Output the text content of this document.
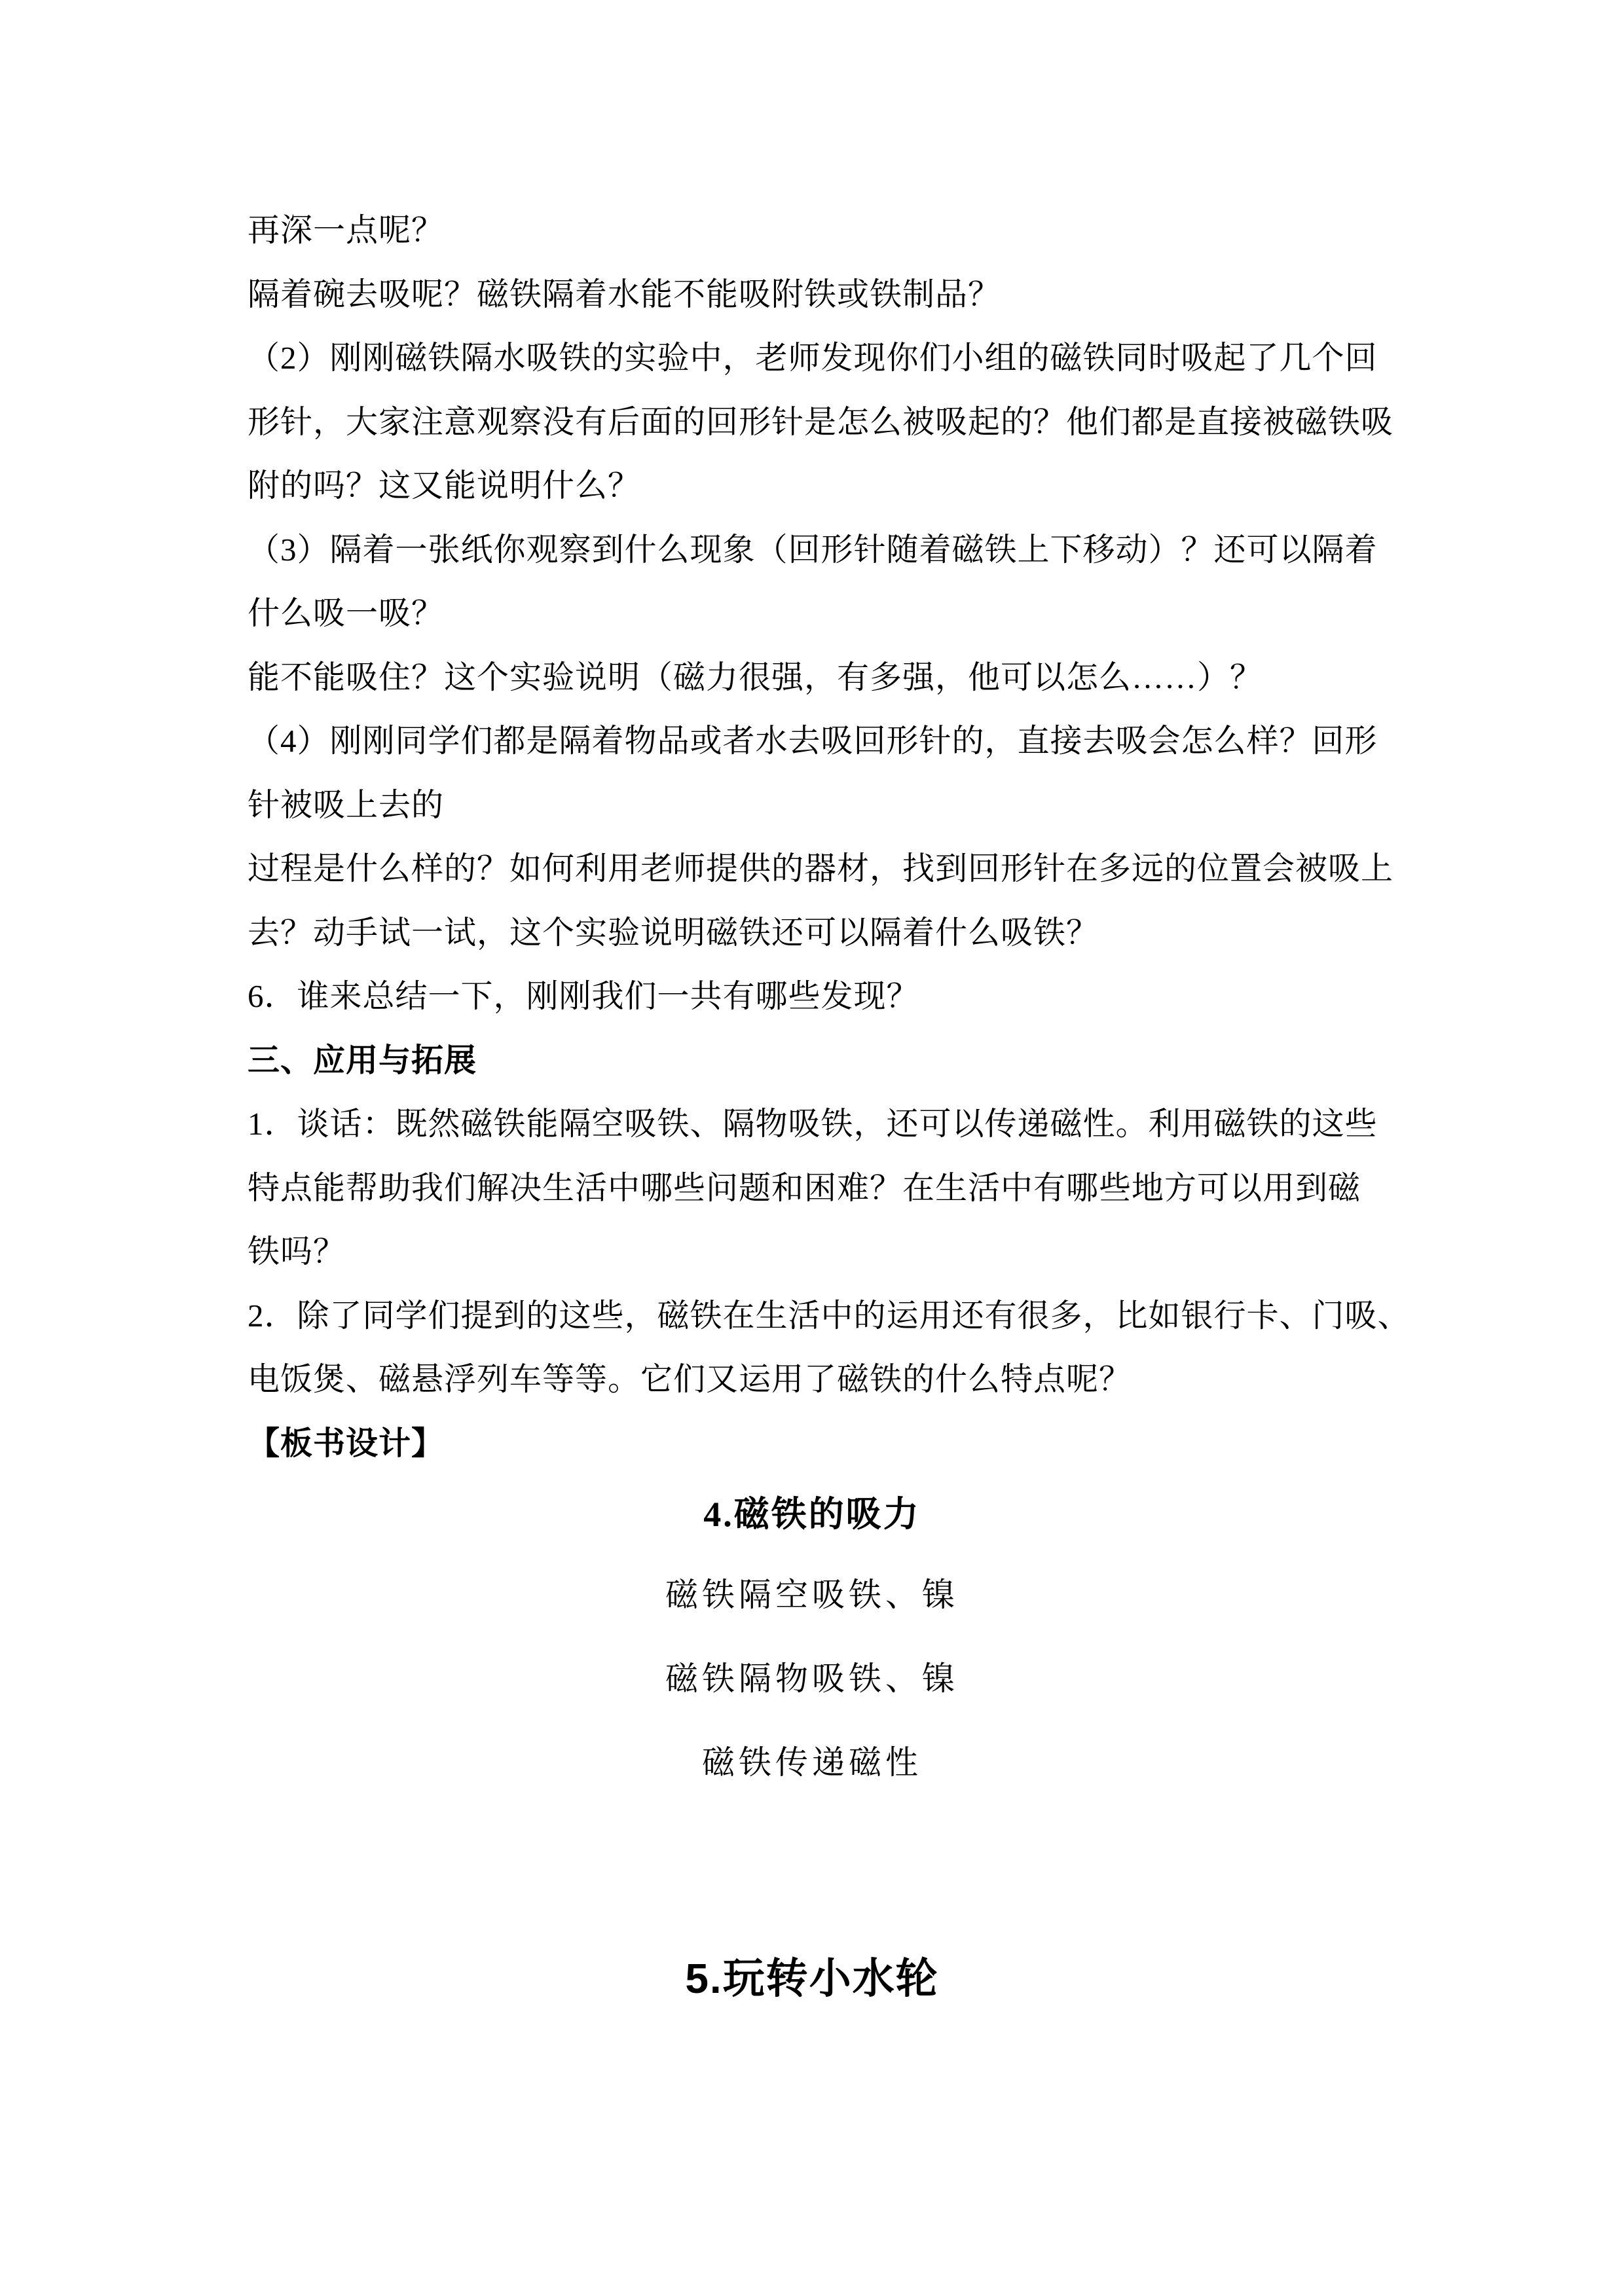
再深一点呢？
隔着碗去吸呢？磁铁隔着水能不能吸附铁或铁制品？
（2）刚刚磁铁隔水吸铁的实验中，老师发现你们小组的磁铁同时吸起了几个回
形针，大家注意观察没有后面的回形针是怎么被吸起的？他们都是直接被磁铁吸
附的吗？这又能说明什么？
（3）隔着一张纸你观察到什么现象（回形针随着磁铁上下移动）？还可以隔着
什么吸一吸？
能不能吸住？这个实验说明（磁力很强，有多强，他可以怎么……）？
（4）刚刚同学们都是隔着物品或者水去吸回形针的，直接去吸会怎么样？回形
针被吸上去的
过程是什么样的？如何利用老师提供的器材，找到回形针在多远的位置会被吸上
去？动手试一试，这个实验说明磁铁还可以隔着什么吸铁？
6．谁来总结一下，刚刚我们一共有哪些发现？
三、应用与拓展
1．谈话：既然磁铁能隔空吸铁、隔物吸铁，还可以传递磁性。利用磁铁的这些
特点能帮助我们解决生活中哪些问题和困难？在生活中有哪些地方可以用到磁
铁吗？
2．除了同学们提到的这些，磁铁在生活中的运用还有很多，比如银行卡、门吸、
电饭煲、磁悬浮列车等等。它们又运用了磁铁的什么特点呢？
【板书设计】
4.磁铁的吸力
磁铁隔空吸铁、镍
磁铁隔物吸铁、镍
磁铁传递磁性
5.玩转小水轮
